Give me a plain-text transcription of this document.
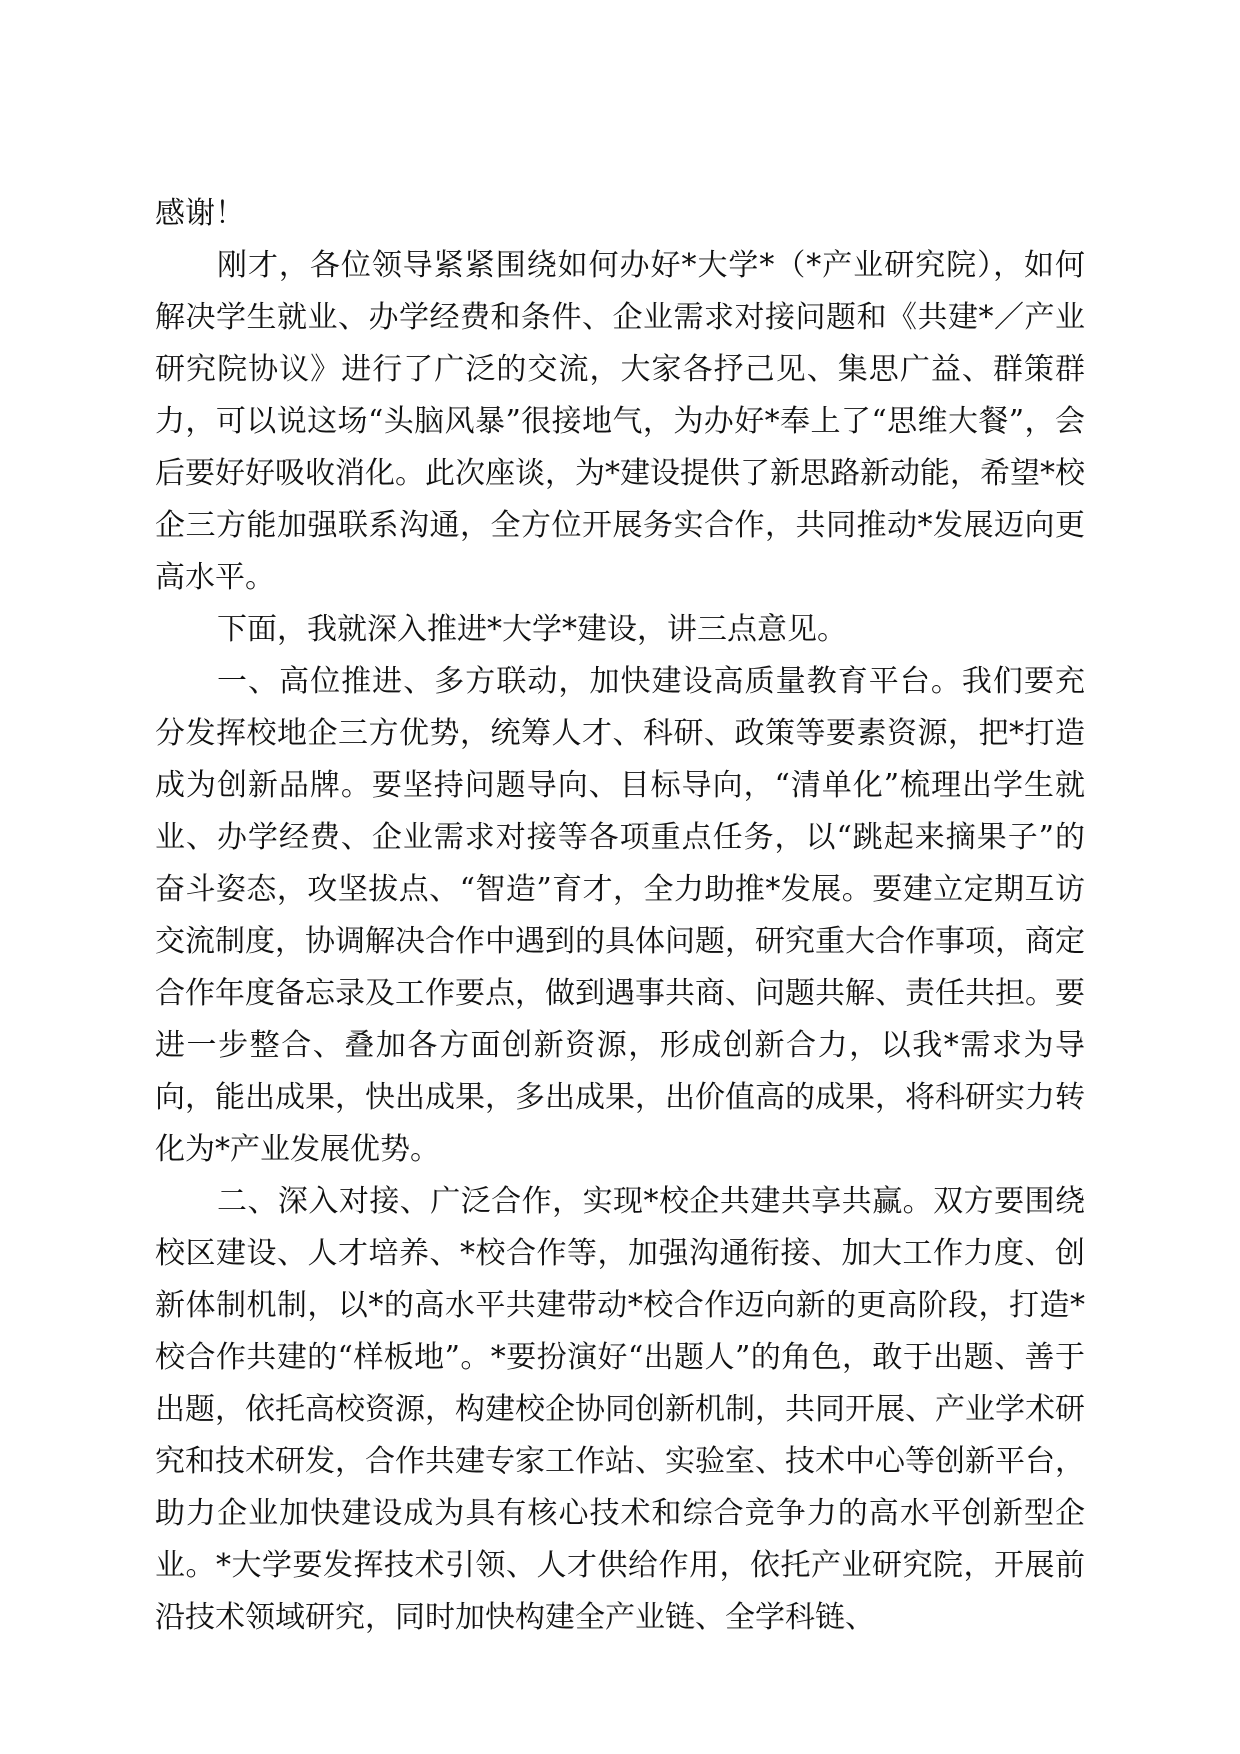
感谢！

刚才，各位领导紧紧围绕如何办好*大学*（*产业研究院），如何解决学生就业、办学经费和条件、企业需求对接问题和《共建*／产业研究院协议》进行了广泛的交流，大家各抒己见、集思广益、群策群力，可以说这场“头脑风暴”很接地气，为办好*奉上了“思维大餐”，会后要好好吸收消化。此次座谈，为*建设提供了新思路新动能，希望*校企三方能加强联系沟通，全方位开展务实合作，共同推动*发展迈向更高水平。

下面，我就深入推进*大学*建设，讲三点意见。

一、高位推进、多方联动，加快建设高质量教育平台。我们要充分发挥校地企三方优势，统筹人才、科研、政策等要素资源，把*打造成为创新品牌。要坚持问题导向、目标导向，“清单化”梳理出学生就业、办学经费、企业需求对接等各项重点任务，以“跳起来摘果子”的奋斗姿态，攻坚拔点、“智造”育才，全力助推*发展。要建立定期互访交流制度，协调解决合作中遇到的具体问题，研究重大合作事项，商定合作年度备忘录及工作要点，做到遇事共商、问题共解、责任共担。要进一步整合、叠加各方面创新资源，形成创新合力，以我*需求为导向，能出成果，快出成果，多出成果，出价值高的成果，将科研实力转化为*产业发展优势。

二、深入对接、广泛合作，实现*校企共建共享共赢。双方要围绕校区建设、人才培养、*校合作等，加强沟通衔接、加大工作力度、创新体制机制，以*的高水平共建带动*校合作迈向新的更高阶段，打造*校合作共建的“样板地”。*要扮演好“出题人”的角色，敢于出题、善于出题，依托高校资源，构建校企协同创新机制，共同开展、产业学术研究和技术研发，合作共建专家工作站、实验室、技术中心等创新平台，助力企业加快建设成为具有核心技术和综合竞争力的高水平创新型企业。*大学要发挥技术引领、人才供给作用，依托产业研究院，开展前沿技术领域研究，同时加快构建全产业链、全学科链、
